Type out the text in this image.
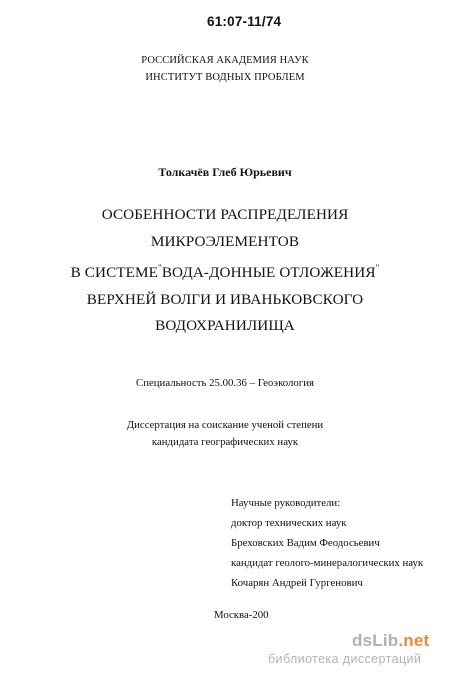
61:07-11/74
РОССИЙСКАЯ АКАДЕМИЯ НАУК
ИНСТИТУТ ВОДНЫХ ПРОБЛЕМ
Толкачёв Глеб Юрьевич
ОСОБЕННОСТИ РАСПРЕДЕЛЕНИЯ
МИКРОЭЛЕМЕНТОВ
В СИСТЕМЕ"ВОДА-ДОННЫЕ ОТЛОЖЕНИЯ"
ВЕРХНЕЙ ВОЛГИ И ИВАНЬКОВСКОГО
ВОДОХРАНИЛИЩА
Специальность 25.00.36 – Геоэкология
Диссертация на соискание ученой степени
кандидата географических наук
Научные руководители:
доктор технических наук
Бреховских Вадим Феодосьевич
кандидат геолого-минералогических наук
Кочарян Андрей Гургенович
Москва-200
dsLib.net
библиотека диссертаций
